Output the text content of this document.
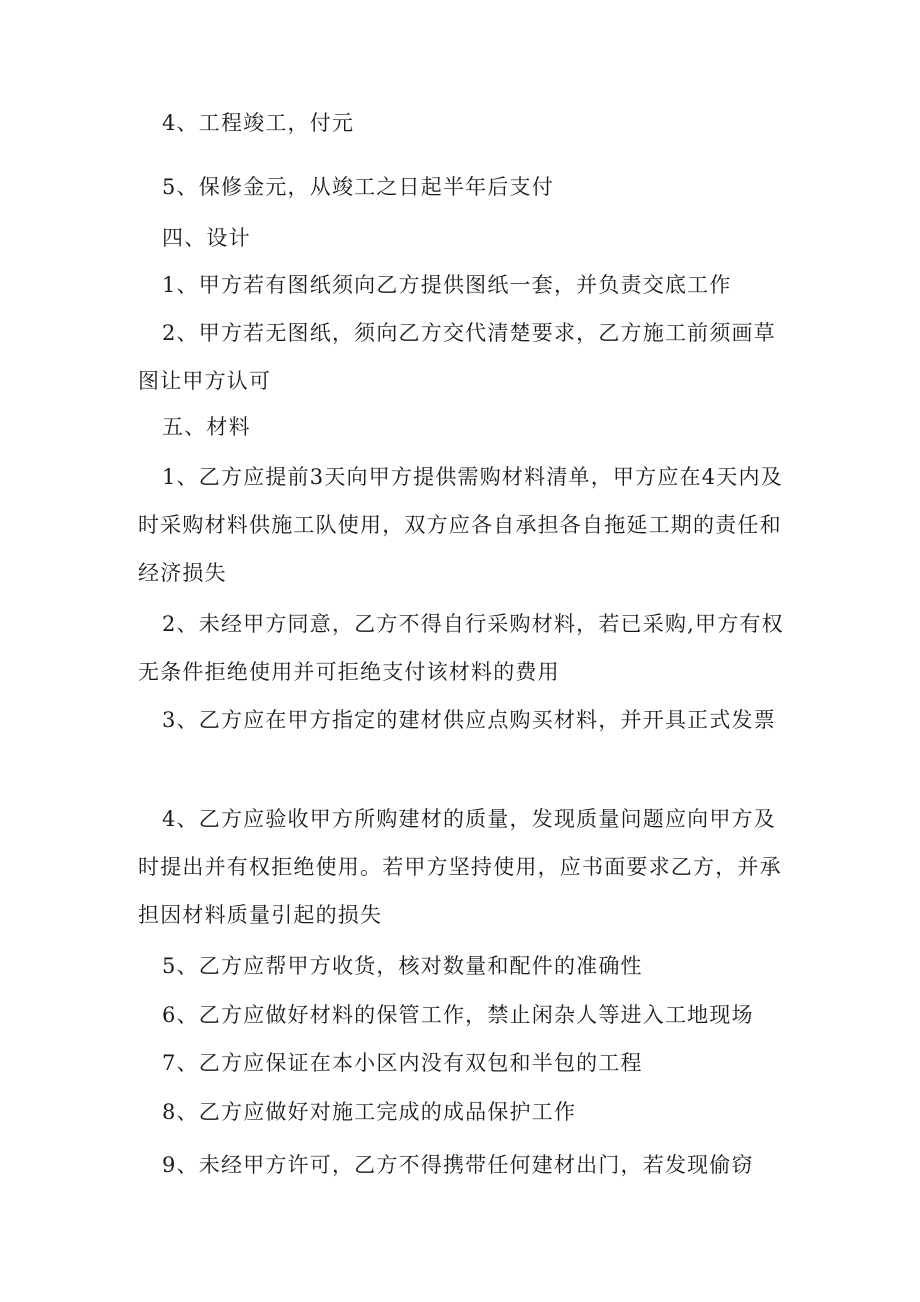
4、工程竣工，付元

5、保修金元，从竣工之日起半年后支付

四、设计

1、甲方若有图纸须向乙方提供图纸一套，并负责交底工作

2、甲方若无图纸，须向乙方交代清楚要求，乙方施工前须画草图让甲方认可

五、材料

1、乙方应提前3天向甲方提供需购材料清单，甲方应在4天内及时采购材料供施工队使用，双方应各自承担各自拖延工期的责任和经济损失

2、未经甲方同意，乙方不得自行采购材料，若已采购,甲方有权无条件拒绝使用并可拒绝支付该材料的费用

3、乙方应在甲方指定的建材供应点购买材料，并开具正式发票

4、乙方应验收甲方所购建材的质量，发现质量问题应向甲方及时提出并有权拒绝使用。若甲方坚持使用，应书面要求乙方，并承担因材料质量引起的损失

5、乙方应帮甲方收货，核对数量和配件的准确性

6、乙方应做好材料的保管工作，禁止闲杂人等进入工地现场

7、乙方应保证在本小区内没有双包和半包的工程

8、乙方应做好对施工完成的成品保护工作

9、未经甲方许可，乙方不得携带任何建材出门，若发现偷窃
